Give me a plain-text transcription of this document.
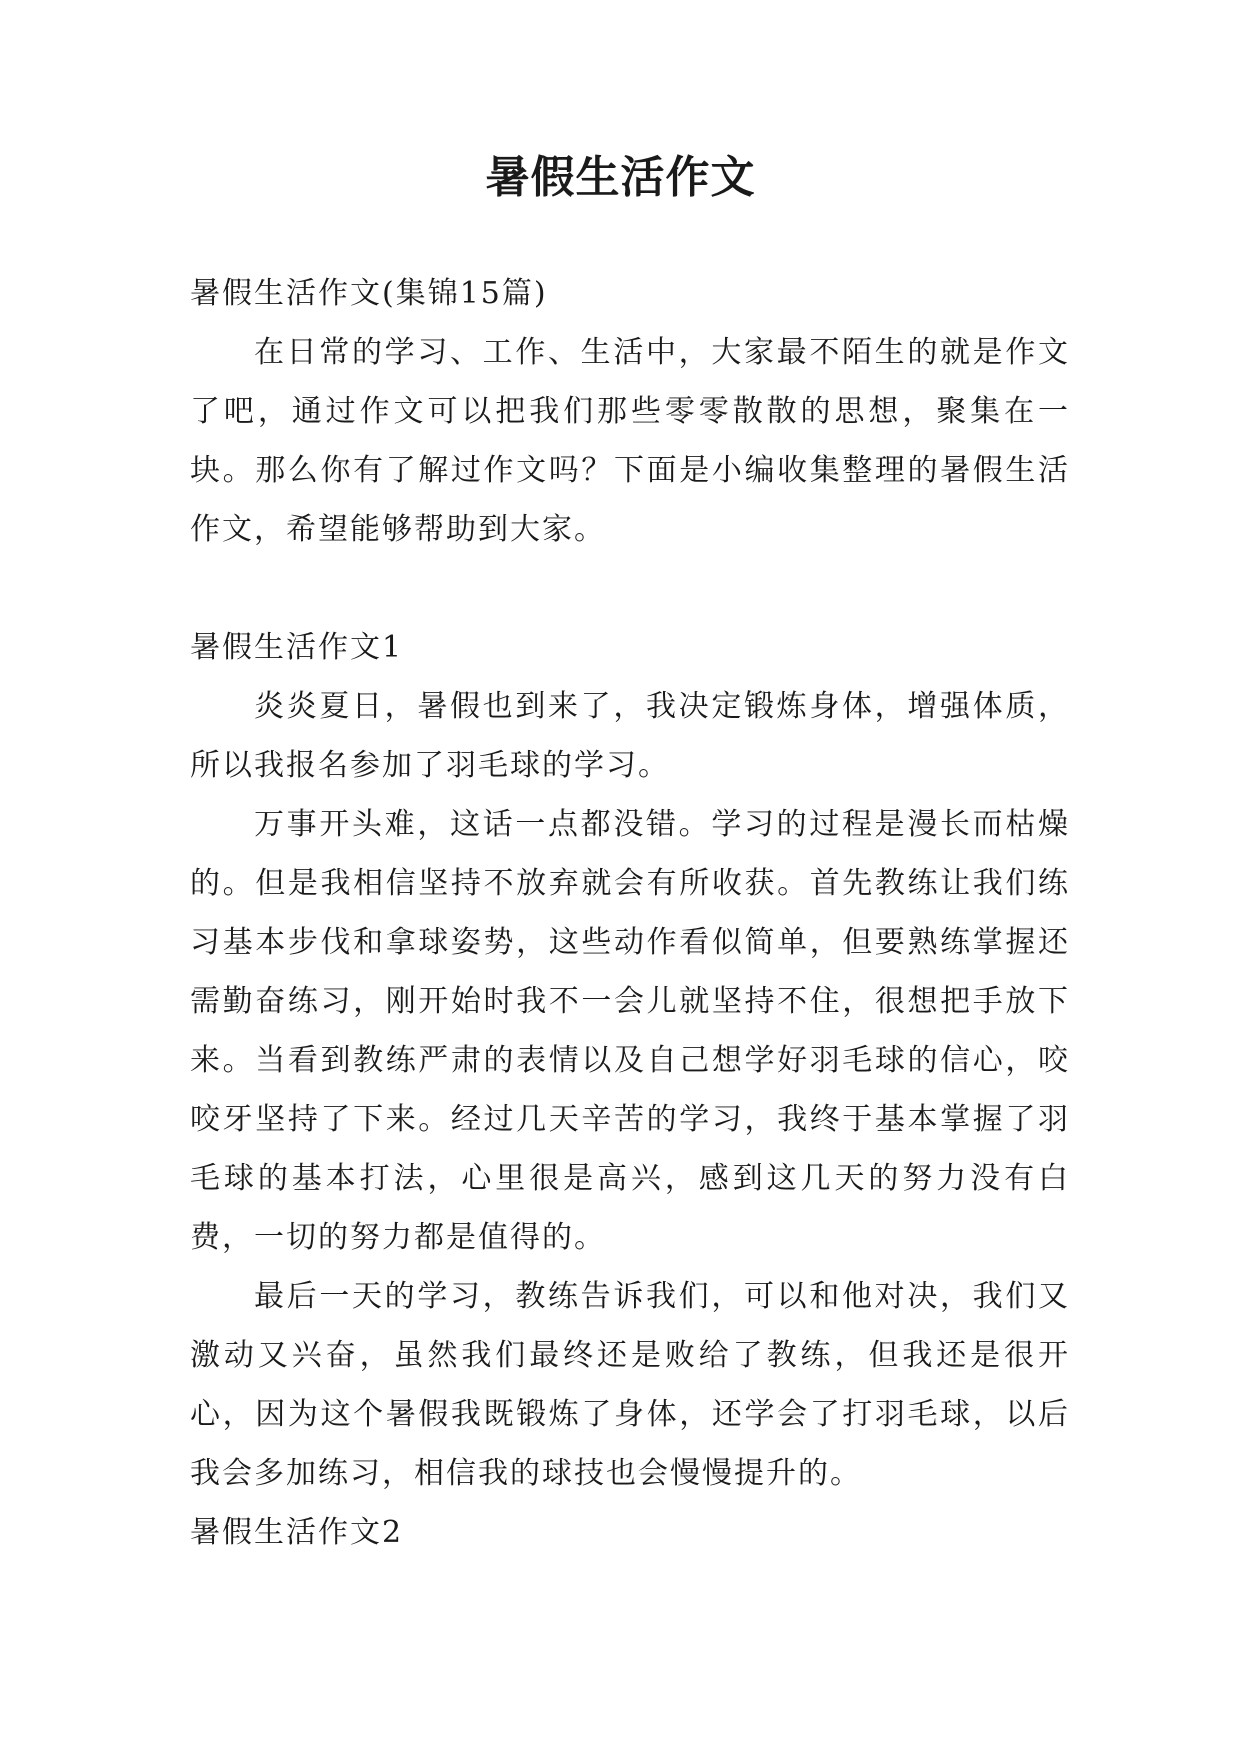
暑假生活作文

暑假生活作文(集锦15篇)

在日常的学习、工作、生活中，大家最不陌生的就是作文了吧，通过作文可以把我们那些零零散散的思想，聚集在一块。那么你有了解过作文吗？下面是小编收集整理的暑假生活作文，希望能够帮助到大家。

暑假生活作文1

炎炎夏日，暑假也到来了，我决定锻炼身体，增强体质，所以我报名参加了羽毛球的学习。

万事开头难，这话一点都没错。学习的过程是漫长而枯燥的。但是我相信坚持不放弃就会有所收获。首先教练让我们练习基本步伐和拿球姿势，这些动作看似简单，但要熟练掌握还需勤奋练习，刚开始时我不一会儿就坚持不住，很想把手放下来。当看到教练严肃的表情以及自己想学好羽毛球的信心，咬咬牙坚持了下来。经过几天辛苦的学习，我终于基本掌握了羽毛球的基本打法，心里很是高兴，感到这几天的努力没有白费，一切的努力都是值得的。

最后一天的学习，教练告诉我们，可以和他对决，我们又激动又兴奋，虽然我们最终还是败给了教练，但我还是很开心，因为这个暑假我既锻炼了身体，还学会了打羽毛球，以后我会多加练习，相信我的球技也会慢慢提升的。

暑假生活作文2
